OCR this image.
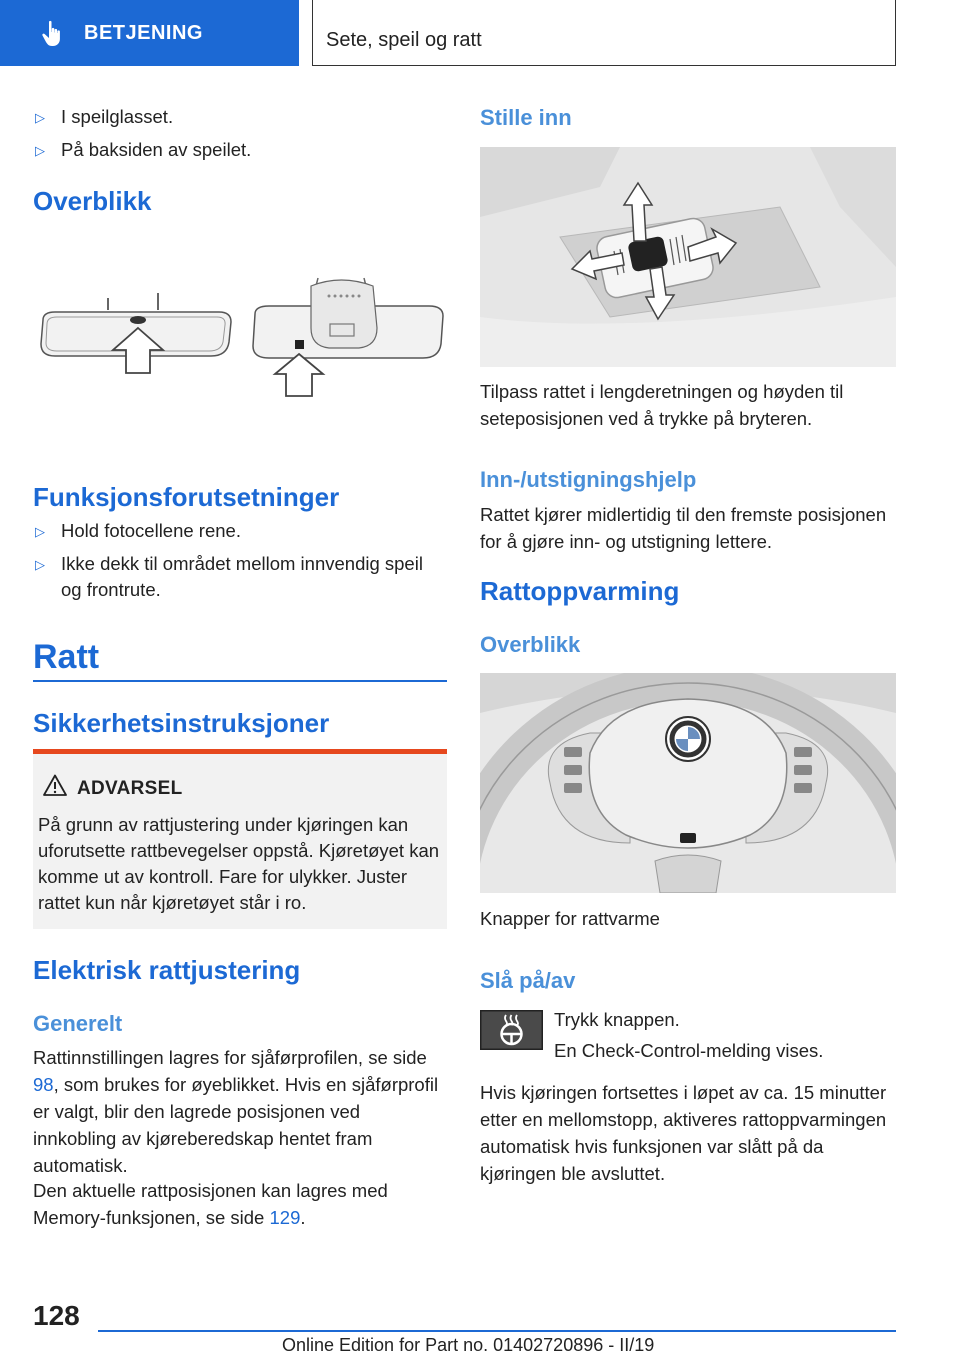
BETJENING	Sete, speil og ratt
▷ I speilglasset.
▷ På baksiden av speilet.
Overblikk
Funksjonsforutsetninger
▷ Hold fotocellene rene.
▷ Ikke dekk til området mellom innvendig speil og frontrute.
Ratt
Sikkerhetsinstruksjoner
ADVARSEL
På grunn av rattjustering under kjøringen kan uforutsette rattbevegelser oppstå. Kjøretøyet kan komme ut av kontroll. Fare for ulykker. Juster rattet kun når kjøretøyet står i ro.
Elektrisk rattjustering
Generelt
Rattinnstillingen lagres for sjåførprofilen, se side 98, som brukes for øyeblikket. Hvis en sjåførprofil er valgt, blir den lagrede posisjonen ved innkobling av kjøreberedskap hentet fram automatisk.
Den aktuelle rattposisjonen kan lagres med Memory-funksjonen, se side 129.
Stille inn
Tilpass rattet i lengderetningen og høyden til seteposisjonen ved å trykke på bryteren.
Inn-/utstigningshjelp
Rattet kjører midlertidig til den fremste posisjonen for å gjøre inn- og utstigning lettere.
Rattoppvarming
Overblikk
Knapper for rattvarme
Slå på/av
Trykk knappen.
En Check-Control-melding vises.
Hvis kjøringen fortsettes i løpet av ca. 15 minutter etter en mellomstopp, aktiveres rattoppvarmingen automatisk hvis funksjonen var slått på da kjøringen ble avsluttet.
128
Online Edition for Part no. 01402720896 - II/19
